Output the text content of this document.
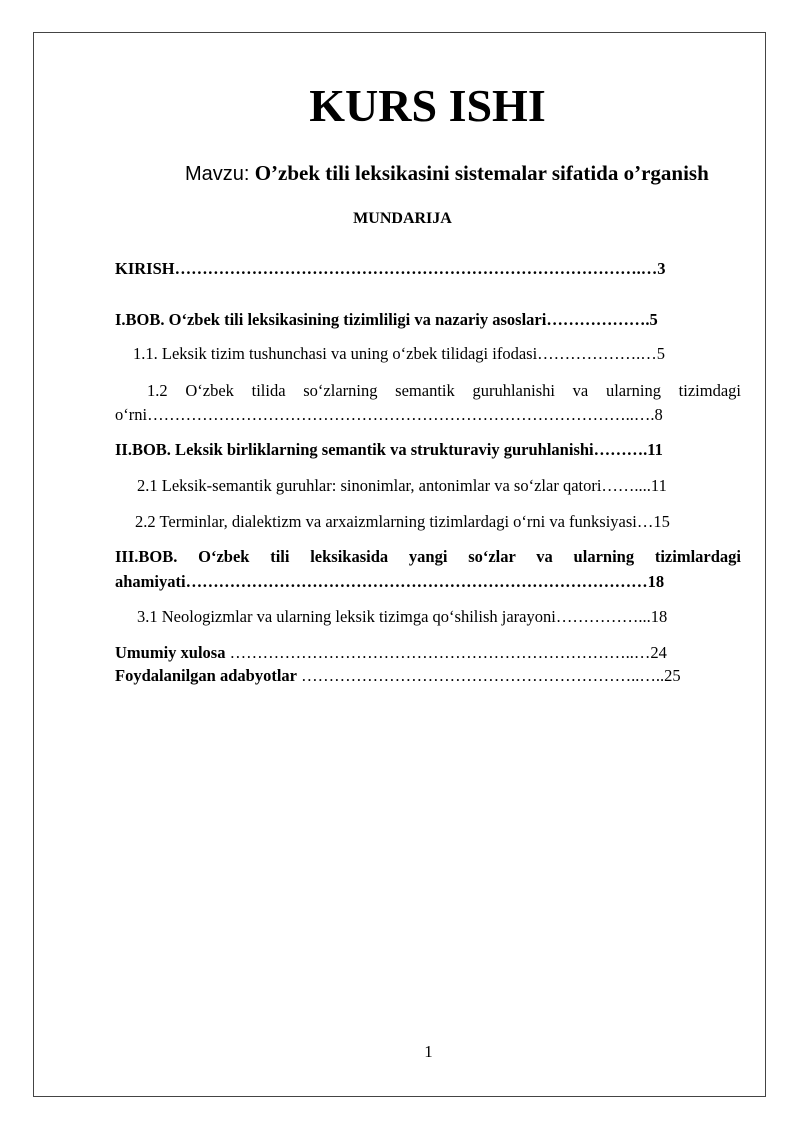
KURS ISHI
Mavzu: O’zbek tili leksikasini sistemalar sifatida o’rganish
MUNDARIJA
KIRISH………………………………………………………………………….…3
I.BOB. O‘zbek tili leksikasining tizimliligi va nazariy asoslari……………….5
1.1. Leksik tizim tushunchasi va uning o‘zbek tilidagi ifodasi……………….…5
1.2 O‘zbek tilida so‘zlarning semantik guruhlanishi va ularning tizimdagi
o‘rni……………………………………………………………………………..….8
II.BOB. Leksik birliklarning semantik va strukturaviy guruhlanishi……….11
2.1 Leksik-semantik guruhlar: sinonimlar, antonimlar va so‘zlar qatori……....11
2.2 Terminlar, dialektizm va arxaizmlarning tizimlardagi o‘rni va funksiyasi…15
III.BOB. O‘zbek tili leksikasida yangi so‘zlar va ularning tizimlardagi
ahamiyati…………………………………………………………………………18
3.1 Neologizmlar va ularning leksik tizimga qo‘shilish jarayoni……………...18
Umumiy xulosa ………………………………………………………………..…24
Foydalanilgan adabyotlar ……………………………………………………..…..25
1
